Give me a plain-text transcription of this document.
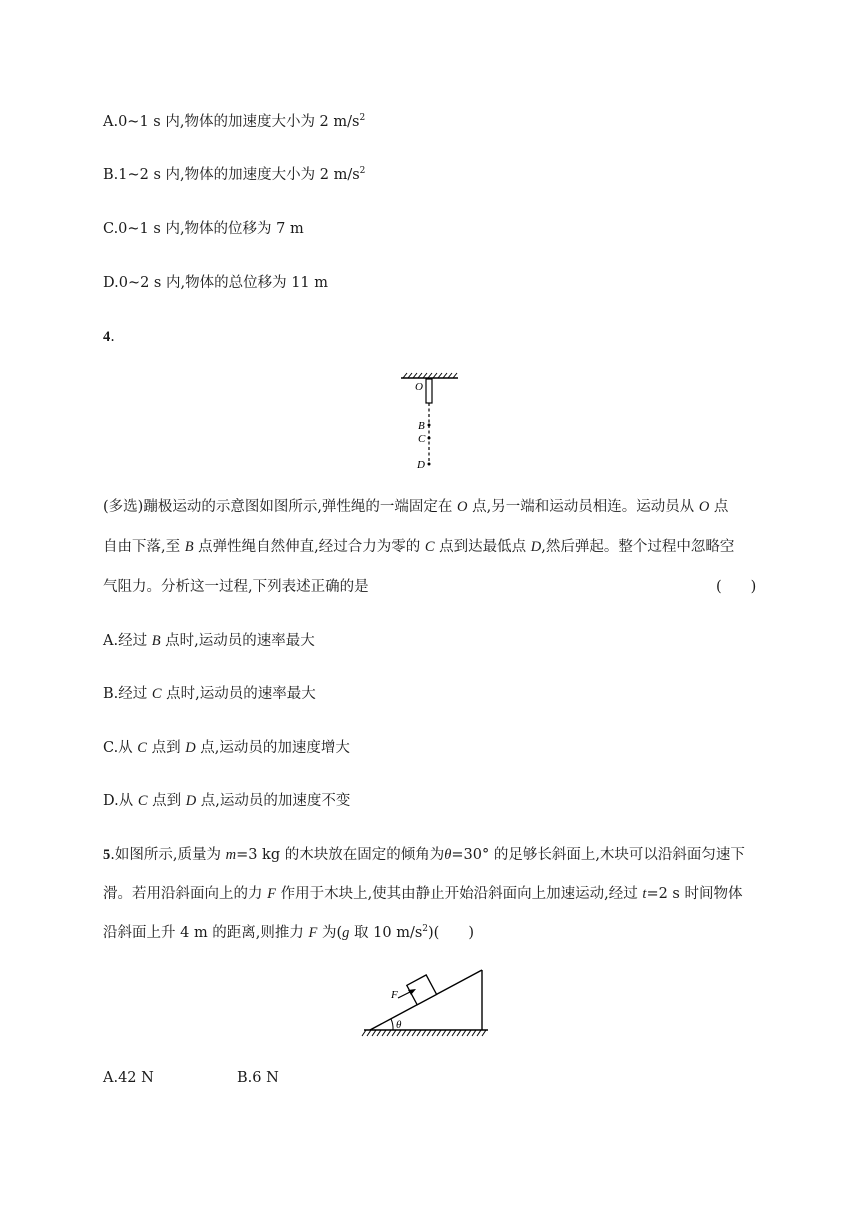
A.0~1 s 内,物体的加速度大小为 2 $m/s^2$
B.1~2 s 内,物体的加速度大小为 2 $m/s^2$
C.0~1 s 内,物体的位移为 7 m
D.0~2 s 内,物体的总位移为 11 m
4.
O
B
C
D
(多选)蹦极运动的示意图如图所示,弹性绳的一端固定在 O 点,另一端和运动员相连。运动员从 O 点
自由下落,至 B 点弹性绳自然伸直,经过合力为零的 C 点到达最低点 D,然后弹起。整个过程中忽略空
气阻力。分析这一过程,下列表述正确的是	(　　)
A.经过 B 点时,运动员的速率最大
B.经过 C 点时,运动员的速率最大
C.从 C 点到 D 点,运动员的加速度增大
D.从 C 点到 D 点,运动员的加速度不变
5.如图所示,质量为 m=3 kg 的木块放在固定的倾角为θ=30° 的足够长斜面上,木块可以沿斜面匀速下
滑。若用沿斜面向上的力 F 作用于木块上,使其由静止开始沿斜面向上加速运动,经过 t=2 s 时间物体
沿斜面上升 4 m 的距离,则推力 F 为(g 取 10 $m/s^2$)(　　)
F
θ
A.42 N	B.6 N
